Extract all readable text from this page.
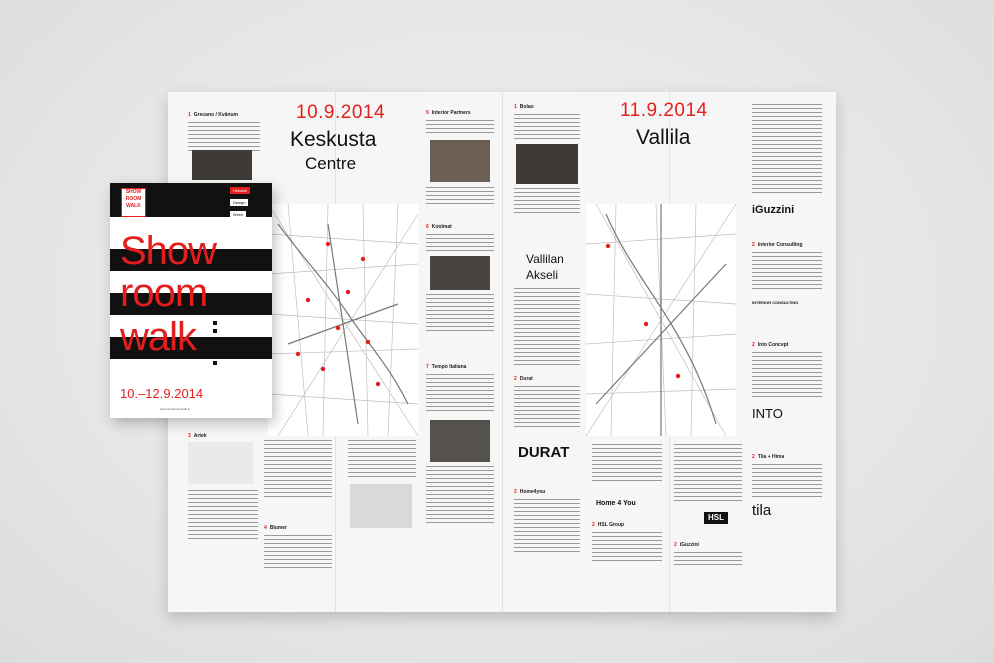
1 Grecano / Kvänum
3 Artek
4 Blumer
10.9.2014
Keskusta
Centre
5 Interior Partners
6 Koolmat
7 Tempo Italiana
1 Bolao
Vallilan
Akseli
2 Durat
DURAT
2 Home4you
11.9.2014
Vallila
Home 4 You
2 HSL Group
HSL
2 iGuzzini
iGuzzini
2 Interior Consulting
INTERIOR CONSULTING
2 Into Concept
INTO
2 Tila + Hima
tila
SHOW
ROOM
WALK
Helsinki
Design
Week
Show
room
walk
10.–12.9.2014
www.showroomwalk.fi
